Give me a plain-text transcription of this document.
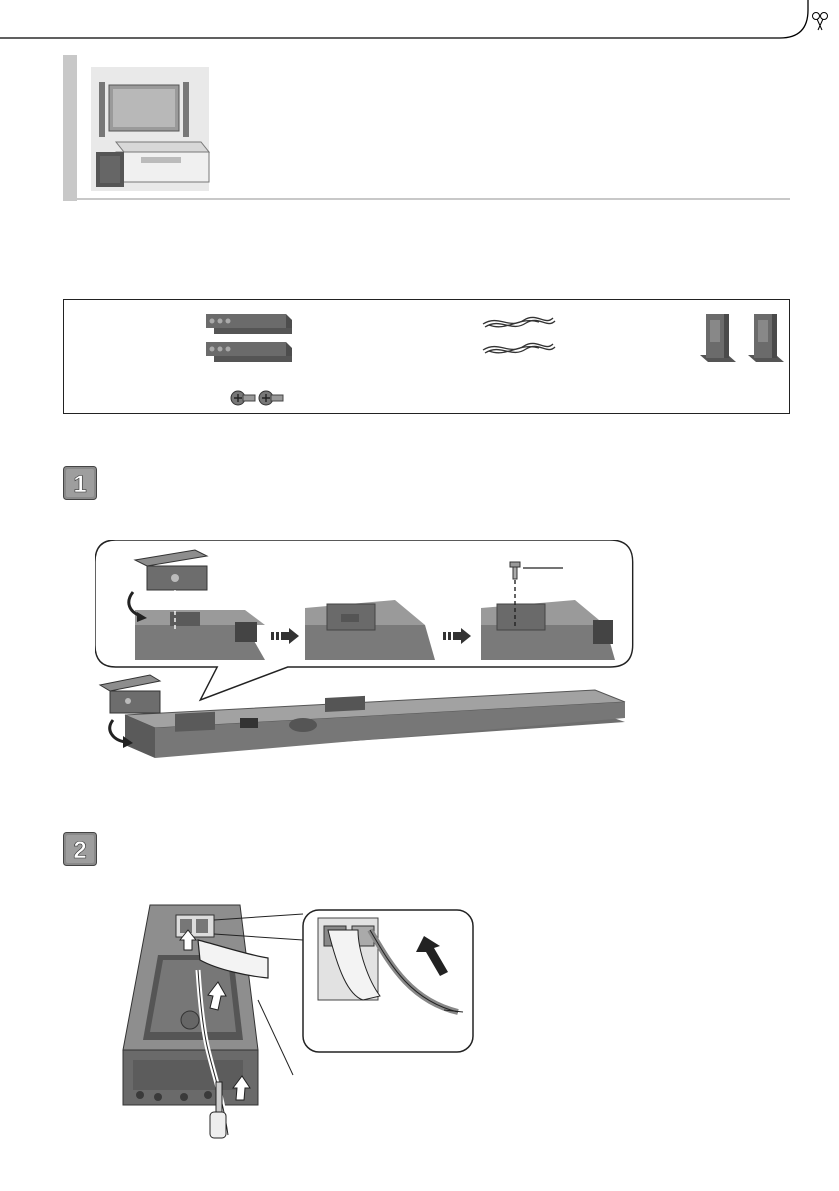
1
2
